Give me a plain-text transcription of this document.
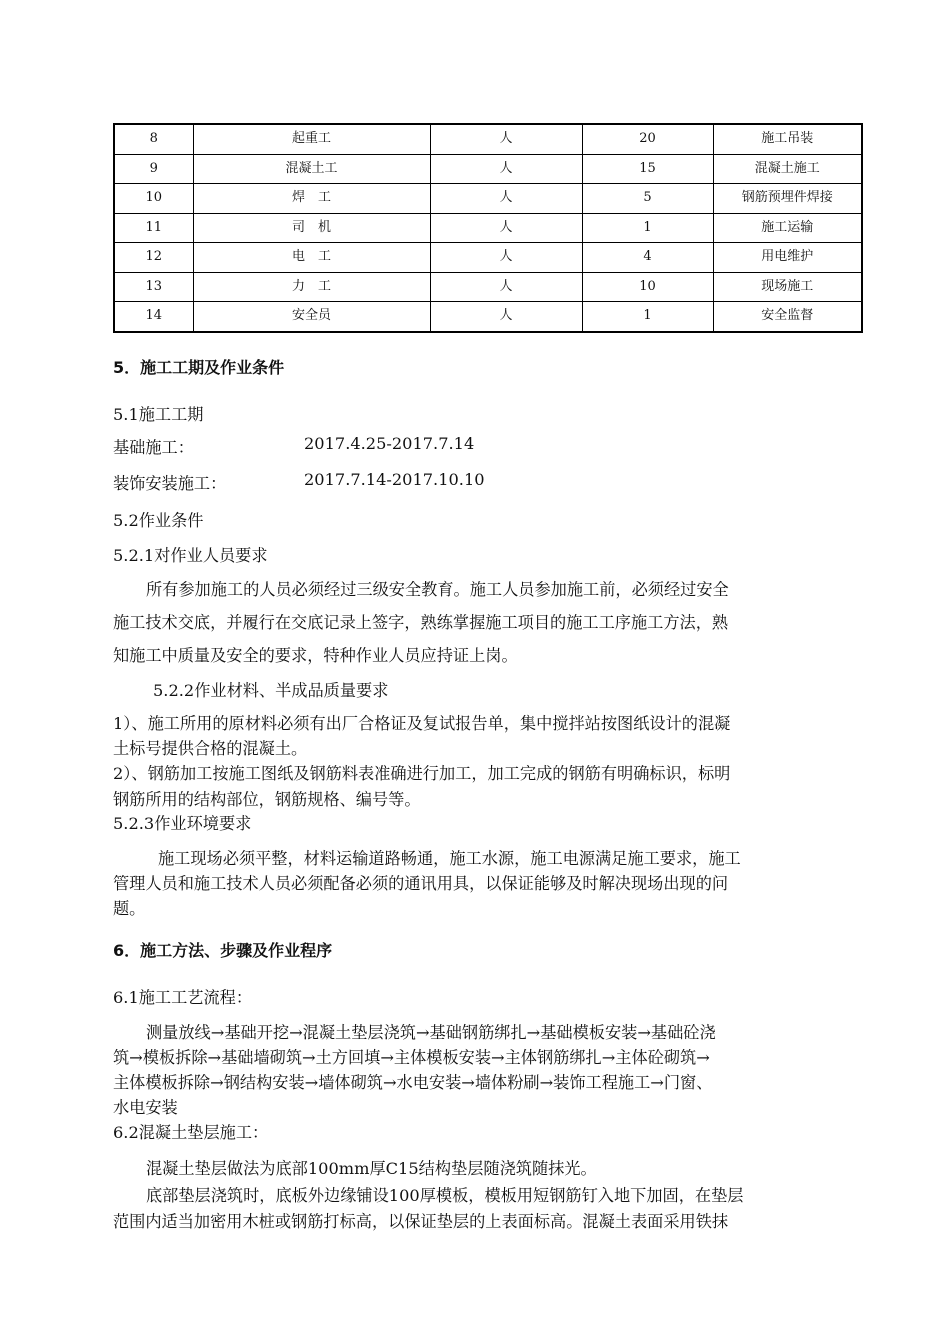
8	起重工	人	20	施工吊装
9	混凝土工	人	15	混凝土施工
10	焊　工	人	5	钢筋预埋件焊接
11	司　机	人	1	施工运输
12	电　工	人	4	用电维护
13	力　工	人	10	现场施工
14	安全员	人	1	安全监督
5．施工工期及作业条件
5.1施工工期
基础施工：	2017.4.25-2017.7.14
装饰安装施工：	2017.7.14-2017.10.10
5.2作业条件
5.2.1对作业人员要求
所有参加施工的人员必须经过三级安全教育。施工人员参加施工前，必须经过安全
施工技术交底，并履行在交底记录上签字，熟练掌握施工项目的施工工序施工方法，熟
知施工中质量及安全的要求，特种作业人员应持证上岗。
5.2.2作业材料、半成品质量要求
1）、施工所用的原材料必须有出厂合格证及复试报告单，集中搅拌站按图纸设计的混凝
土标号提供合格的混凝土。
2）、钢筋加工按施工图纸及钢筋料表准确进行加工，加工完成的钢筋有明确标识，标明
钢筋所用的结构部位，钢筋规格、编号等。
5.2.3作业环境要求
施工现场必须平整，材料运输道路畅通，施工水源，施工电源满足施工要求，施工
管理人员和施工技术人员必须配备必须的通讯用具，以保证能够及时解决现场出现的问
题。
6．施工方法、步骤及作业程序
6.1施工工艺流程：
测量放线→基础开挖→混凝土垫层浇筑→基础钢筋绑扎→基础模板安装→基础砼浇
筑→模板拆除→基础墙砌筑→土方回填→主体模板安装→主体钢筋绑扎→主体砼砌筑→
主体模板拆除→钢结构安装→墙体砌筑→水电安装→墙体粉刷→装饰工程施工→门窗、
水电安装
6.2混凝土垫层施工：
混凝土垫层做法为底部100mm厚C15结构垫层随浇筑随抹光。
底部垫层浇筑时，底板外边缘铺设100厚模板，模板用短钢筋钉入地下加固，在垫层
范围内适当加密用木桩或钢筋打标高，以保证垫层的上表面标高。混凝土表面采用铁抹
